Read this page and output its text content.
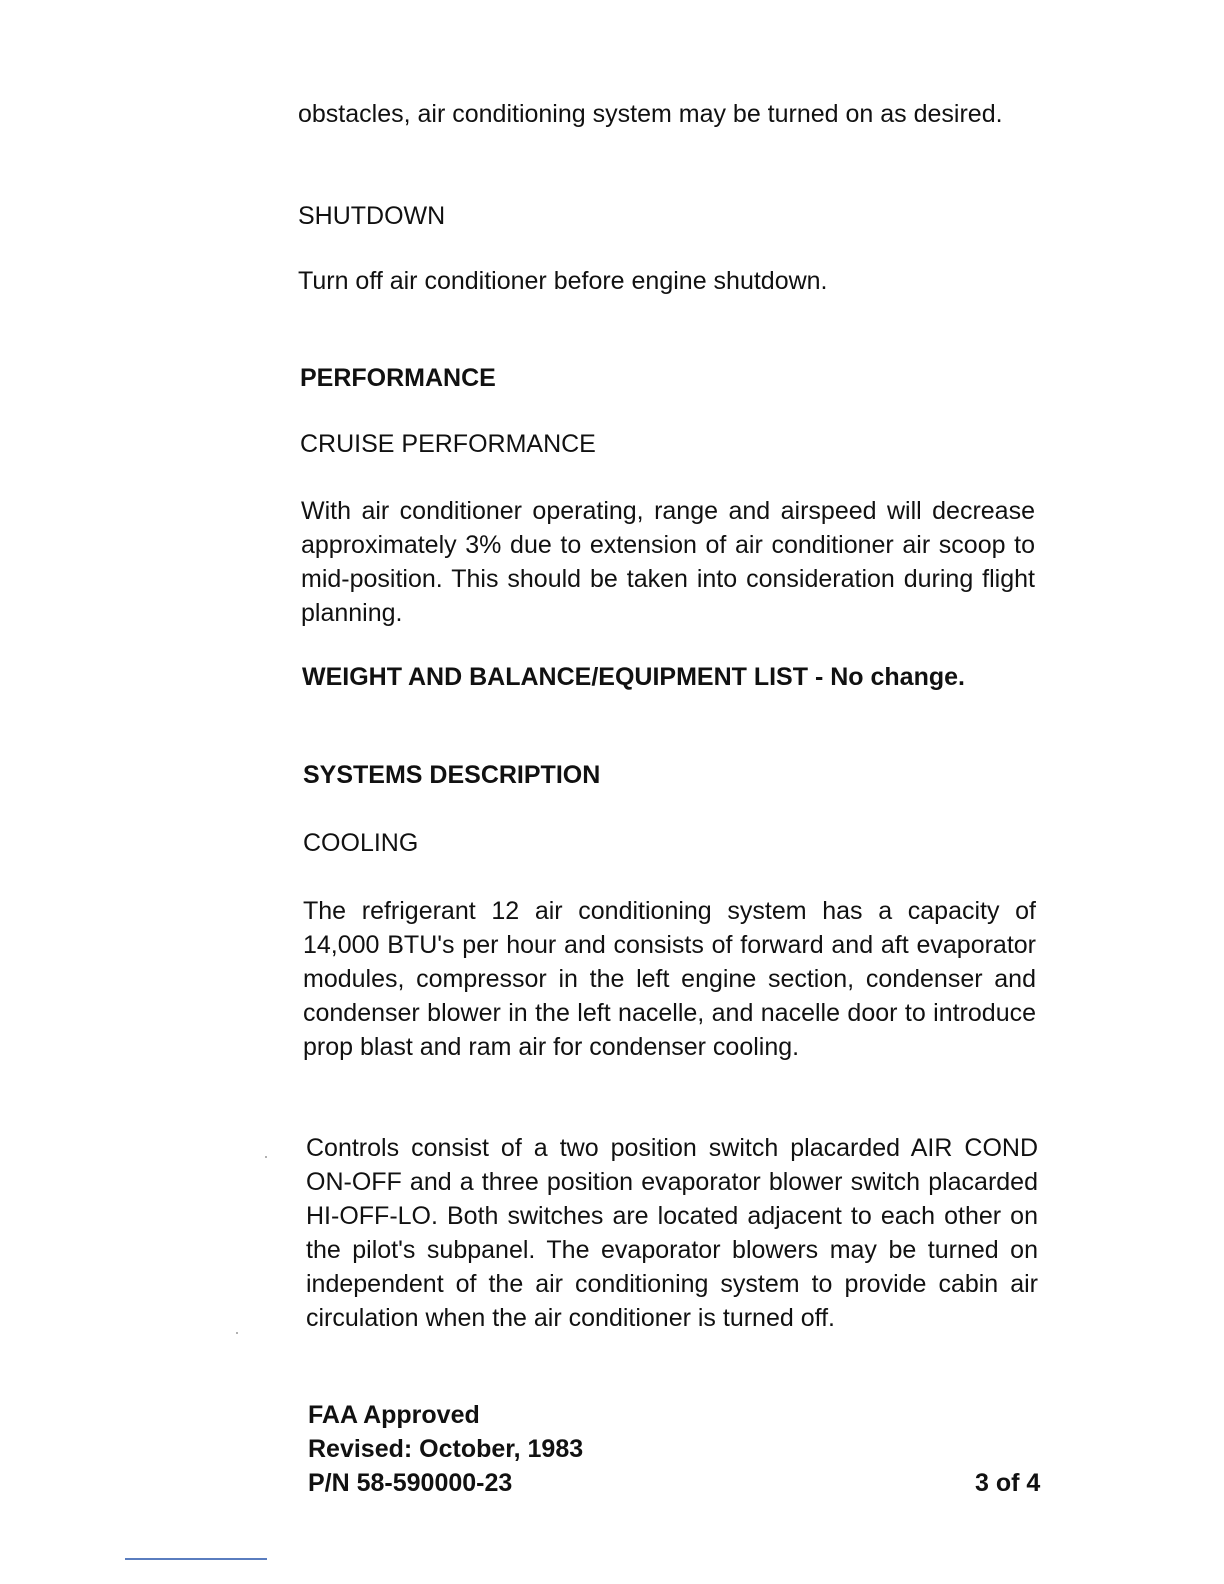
obstacles, air conditioning system may be turned on as desired.

SHUTDOWN

Turn off air conditioner before engine shutdown.

PERFORMANCE

CRUISE PERFORMANCE

With air conditioner operating, range and airspeed will decrease approximately 3% due to extension of air conditioner air scoop to mid-position. This should be taken into consideration during flight planning.

WEIGHT AND BALANCE/EQUIPMENT LIST - No change.

SYSTEMS DESCRIPTION

COOLING

The refrigerant 12 air conditioning system has a capacity of 14,000 BTU's per hour and consists of forward and aft evaporator modules, compressor in the left engine section, condenser and condenser blower in the left nacelle, and nacelle door to introduce prop blast and ram air for condenser cooling.

Controls consist of a two position switch placarded AIR COND ON-OFF and a three position evaporator blower switch placarded HI-OFF-LO. Both switches are located adjacent to each other on the pilot's subpanel. The evaporator blowers may be turned on independent of the air conditioning system to provide cabin air circulation when the air conditioner is turned off.

FAA Approved
Revised: October, 1983
P/N 58-590000-23	3 of 4
